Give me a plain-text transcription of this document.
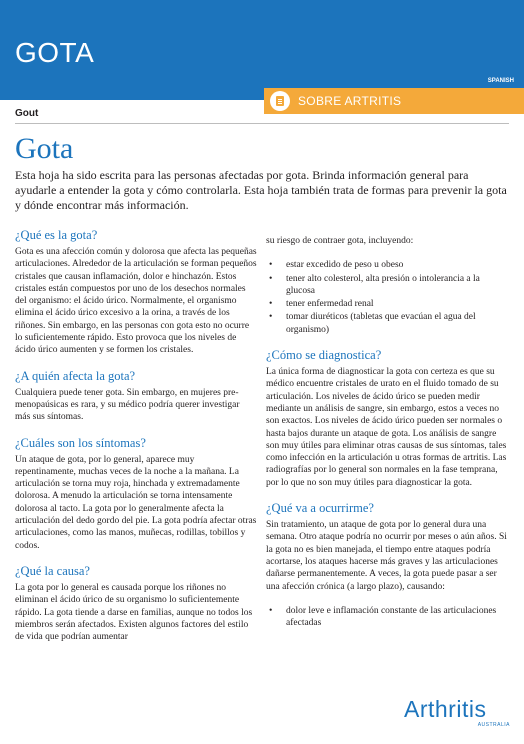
GOTA
SPANISH
Gout
SOBRE ARTRITIS
Gota
Esta hoja ha sido escrita para las personas afectadas por gota. Brinda información general para ayudarle a entender la gota y cómo controlarla. Esta hoja también trata de formas para prevenir la gota y dónde encontrar más información.
¿Qué es la gota?

Gota es una afección común y dolorosa que afecta las pequeñas articulaciones. Alrededor de la articulación se forman pequeños cristales que causan inflamación, dolor e hinchazón. Estos cristales están compuestos por uno de los desechos normales del organismo: el ácido úrico. Normalmente, el organismo elimina el ácido úrico excesivo a la orina, a través de los riñones. Sin embargo, en las personas con gota esto no ocurre lo suficientemente rápido. Esto provoca que los niveles de ácido úrico aumenten y se formen los cristales.

¿A quién afecta la gota?

Cualquiera puede tener gota. Sin embargo, en mujeres pre-menopaúsicas es rara, y su médico podría querer investigar más sus síntomas.

¿Cuáles son los síntomas?

Un ataque de gota, por lo general, aparece muy repentinamente, muchas veces de la noche a la mañana. La articulación se torna muy roja, hinchada y extremadamente dolorosa. A menudo la articulación se torna intensamente dolorosa al tacto. La gota por lo generalmente afecta la articulación del dedo gordo del pie. La gota podría afectar otras articulaciones, como las manos, muñecas, rodillas, tobillos y codos.

¿Qué la causa?

La gota por lo general es causada porque los riñones no eliminan el ácido úrico de su organismo lo suficientemente rápido. La gota tiende a darse en familias, aunque no todos los miembros serán afectados. Existen algunos factores del estilo de vida que podrían aumentar

su riesgo de contraer gota, incluyendo:

• estar excedido de peso u obeso
• tener alto colesterol, alta presión o intolerancia a la glucosa
• tener enfermedad renal
• tomar diuréticos (tabletas que evacúan el agua del organismo)
¿Cómo se diagnostica?

La única forma de diagnosticar la gota con certeza es que su médico encuentre cristales de urato en el fluido tomado de su articulación. Los niveles de ácido úrico se pueden medir mediante un análisis de sangre, sin embargo, estos a veces no son exactos. Los niveles de ácido úrico pueden ser normales o hasta bajos durante un ataque de gota. Los análisis de sangre son muy útiles para eliminar otras causas de sus síntomas, tales como infección en la articulación u otras formas de artritis. Las radiografías por lo general son normales en la fase temprana, por lo que no son muy útiles para diagnosticar la gota.

¿Qué va a ocurrirme?

Sin tratamiento, un ataque de gota por lo general dura una semana. Otro ataque podría no ocurrir por meses o aún años. Si la gota no es bien manejada, el tiempo entre ataques podría acortarse, los ataques hacerse más graves y las articulaciones dañarse permanentemente. A veces, la gota puede pasar a ser una afección crónica (a largo plazo), causando:

• dolor leve e inflamación constante de las articulaciones afectadas
Arthritis
AUSTRALIA
